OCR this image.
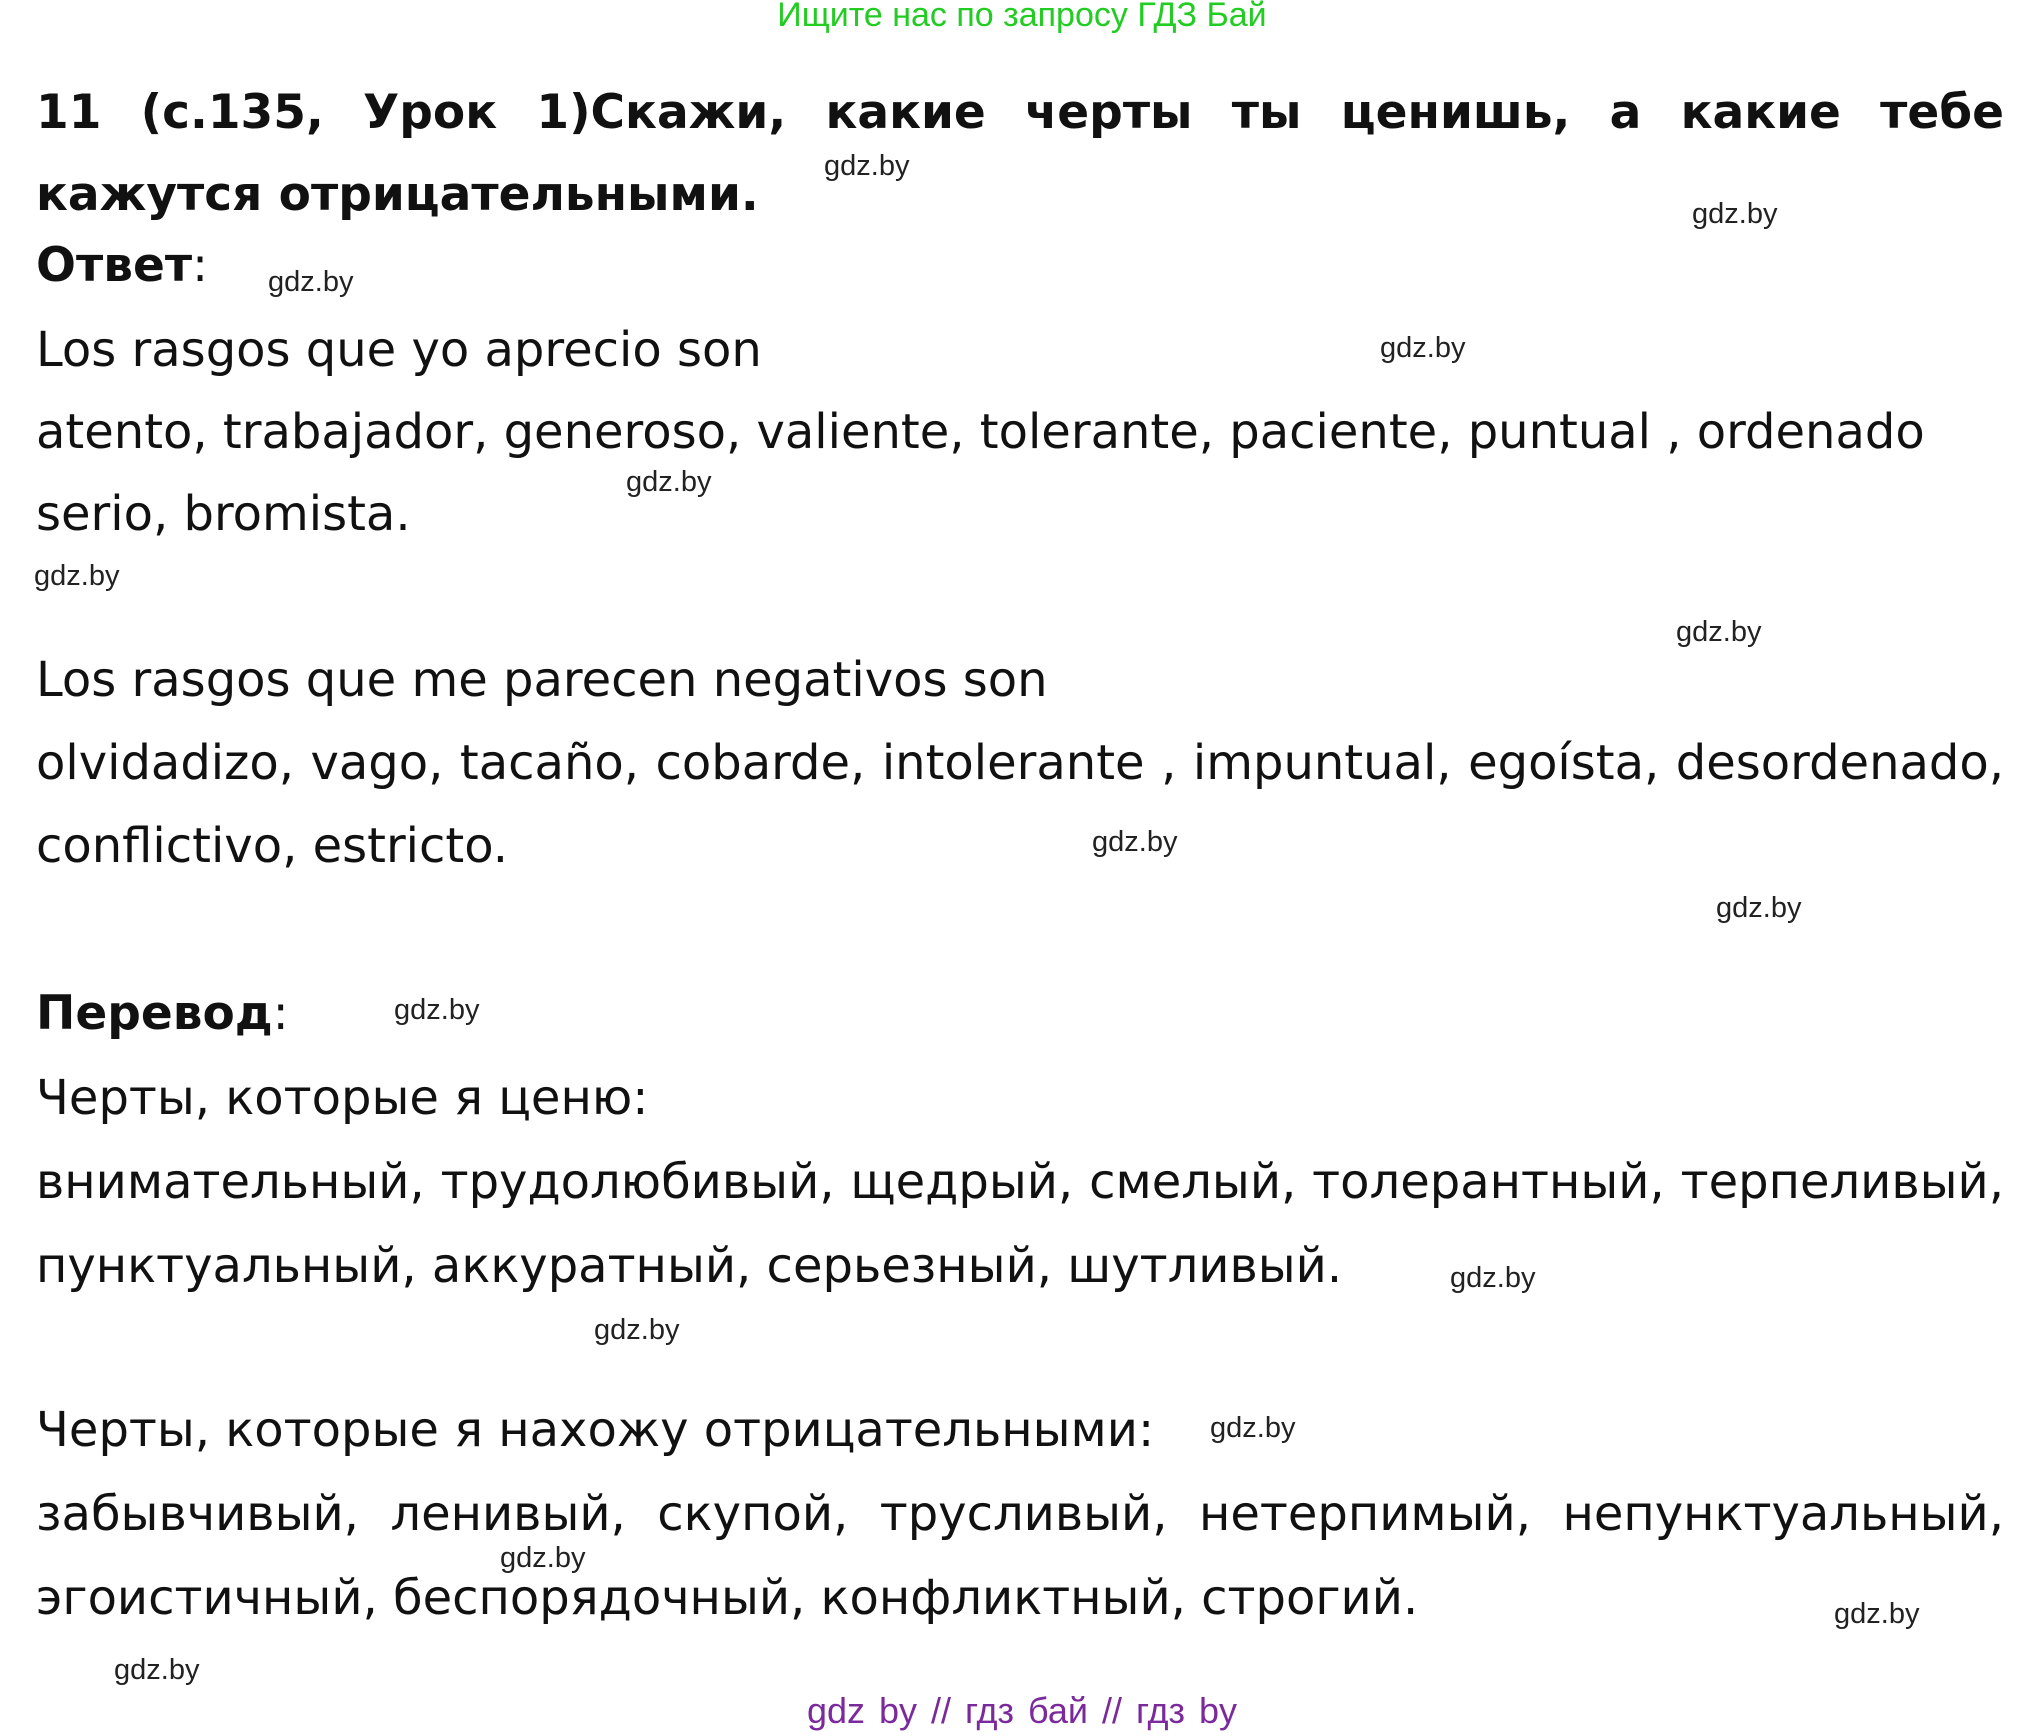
Ищите нас по запросу ГДЗ Бай
11 (с.135, Урок 1)Скажи, какие черты ты ценишь, а какие тебе кажутся отрицательными.
Ответ:
Los rasgos que yo aprecio son
atento, trabajador, generoso, valiente, tolerante, paciente, puntual , ordenado
serio, bromista.
Los rasgos que me parecen negativos son
olvidadizo, vago, tacaño, cobarde, intolerante , impuntual, egoísta, desordenado,
conflictivo, estricto.
Перевод:
Черты, которые я ценю:
внимательный, трудолюбивый, щедрый, смелый, толерантный, терпеливый,
пунктуальный, аккуратный, серьезный, шутливый.
Черты, которые я нахожу отрицательными:
забывчивый, ленивый, скупой, трусливый, нетерпимый, непунктуальный,
эгоистичный, беспорядочный, конфликтный, строгий.
gdz.by
gdz.by
gdz.by
gdz.by
gdz.by
gdz.by
gdz.by
gdz.by
gdz.by
gdz.by
gdz.by
gdz.by
gdz.by
gdz.by
gdz.by
gdz.by
gdz by // гдз бай // гдз by
